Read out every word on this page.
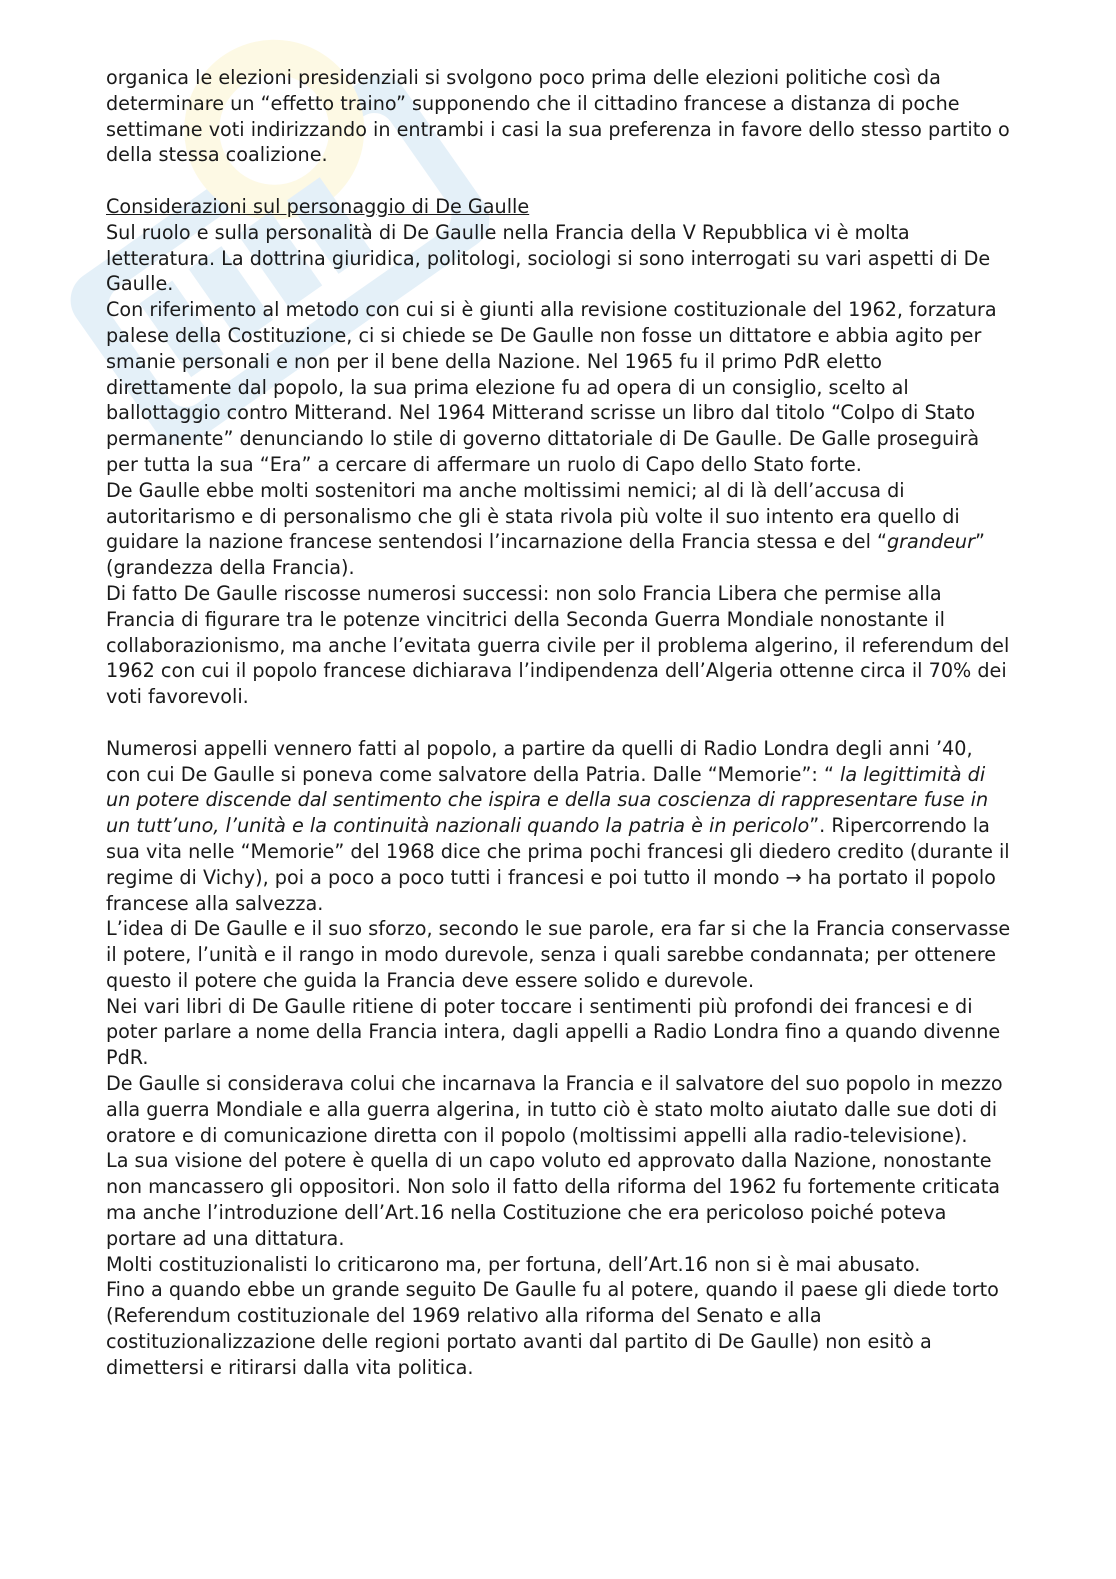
organica le elezioni presidenziali si svolgono poco prima delle elezioni politiche così da determinare un “effetto traino” supponendo che il cittadino francese a distanza di poche settimane voti indirizzando in entrambi i casi la sua preferenza in favore dello stesso partito o della stessa coalizione.

Considerazioni sul personaggio di De Gaulle

Sul ruolo e sulla personalità di De Gaulle nella Francia della V Repubblica vi è molta letteratura. La dottrina giuridica, politologi, sociologi si sono interrogati su vari aspetti di De Gaulle.

Con riferimento al metodo con cui si è giunti alla revisione costituzionale del 1962, forzatura palese della Costituzione, ci si chiede se De Gaulle non fosse un dittatore e abbia agito per smanie personali e non per il bene della Nazione. Nel 1965 fu il primo PdR eletto direttamente dal popolo, la sua prima elezione fu ad opera di un consiglio, scelto al ballottaggio contro Mitterand. Nel 1964 Mitterand scrisse un libro dal titolo “Colpo di Stato permanente” denunciando lo stile di governo dittatoriale di De Gaulle. De Galle proseguirà per tutta la sua “Era” a cercare di affermare un ruolo di Capo dello Stato forte.

De Gaulle ebbe molti sostenitori ma anche moltissimi nemici; al di là dell’accusa di autoritarismo e di personalismo che gli è stata rivola più volte il suo intento era quello di guidare la nazione francese sentendosi l’incarnazione della Francia stessa e del “grandeur” (grandezza della Francia).

Di fatto De Gaulle riscosse numerosi successi: non solo Francia Libera che permise alla Francia di figurare tra le potenze vincitrici della Seconda Guerra Mondiale nonostante il collaborazionismo, ma anche l’evitata guerra civile per il problema algerino, il referendum del 1962 con cui il popolo francese dichiarava l’indipendenza dell’Algeria ottenne circa il 70% dei voti favorevoli.

Numerosi appelli vennero fatti al popolo, a partire da quelli di Radio Londra degli anni ’40, con cui De Gaulle si poneva come salvatore della Patria. Dalle “Memorie”: “ la legittimità di un potere discende dal sentimento che ispira e della sua coscienza di rappresentare fuse in un tutt’uno, l’unità e la continuità nazionali quando la patria è in pericolo”. Ripercorrendo la sua vita nelle “Memorie” del 1968 dice che prima pochi francesi gli diedero credito (durante il regime di Vichy), poi a poco a poco tutti i francesi e poi tutto il mondo → ha portato il popolo francese alla salvezza.

L’idea di De Gaulle e il suo sforzo, secondo le sue parole, era far si che la Francia conservasse il potere, l’unità e il rango in modo durevole, senza i quali sarebbe condannata; per ottenere questo il potere che guida la Francia deve essere solido e durevole.

Nei vari libri di De Gaulle ritiene di poter toccare i sentimenti più profondi dei francesi e di poter parlare a nome della Francia intera, dagli appelli a Radio Londra fino a quando divenne PdR.

De Gaulle si considerava colui che incarnava la Francia e il salvatore del suo popolo in mezzo alla guerra Mondiale e alla guerra algerina, in tutto ciò è stato molto aiutato dalle sue doti di oratore e di comunicazione diretta con il popolo (moltissimi appelli alla radio-televisione).

La sua visione del potere è quella di un capo voluto ed approvato dalla Nazione, nonostante non mancassero gli oppositori. Non solo il fatto della riforma del 1962 fu fortemente criticata ma anche l’introduzione dell’Art.16 nella Costituzione che era pericoloso poiché poteva portare ad una dittatura.

Molti costituzionalisti lo criticarono ma, per fortuna, dell’Art.16 non si è mai abusato.

Fino a quando ebbe un grande seguito De Gaulle fu al potere, quando il paese gli diede torto (Referendum costituzionale del 1969 relativo alla riforma del Senato e alla costituzionalizzazione delle regioni portato avanti dal partito di De Gaulle) non esitò a dimettersi e ritirarsi dalla vita politica.
